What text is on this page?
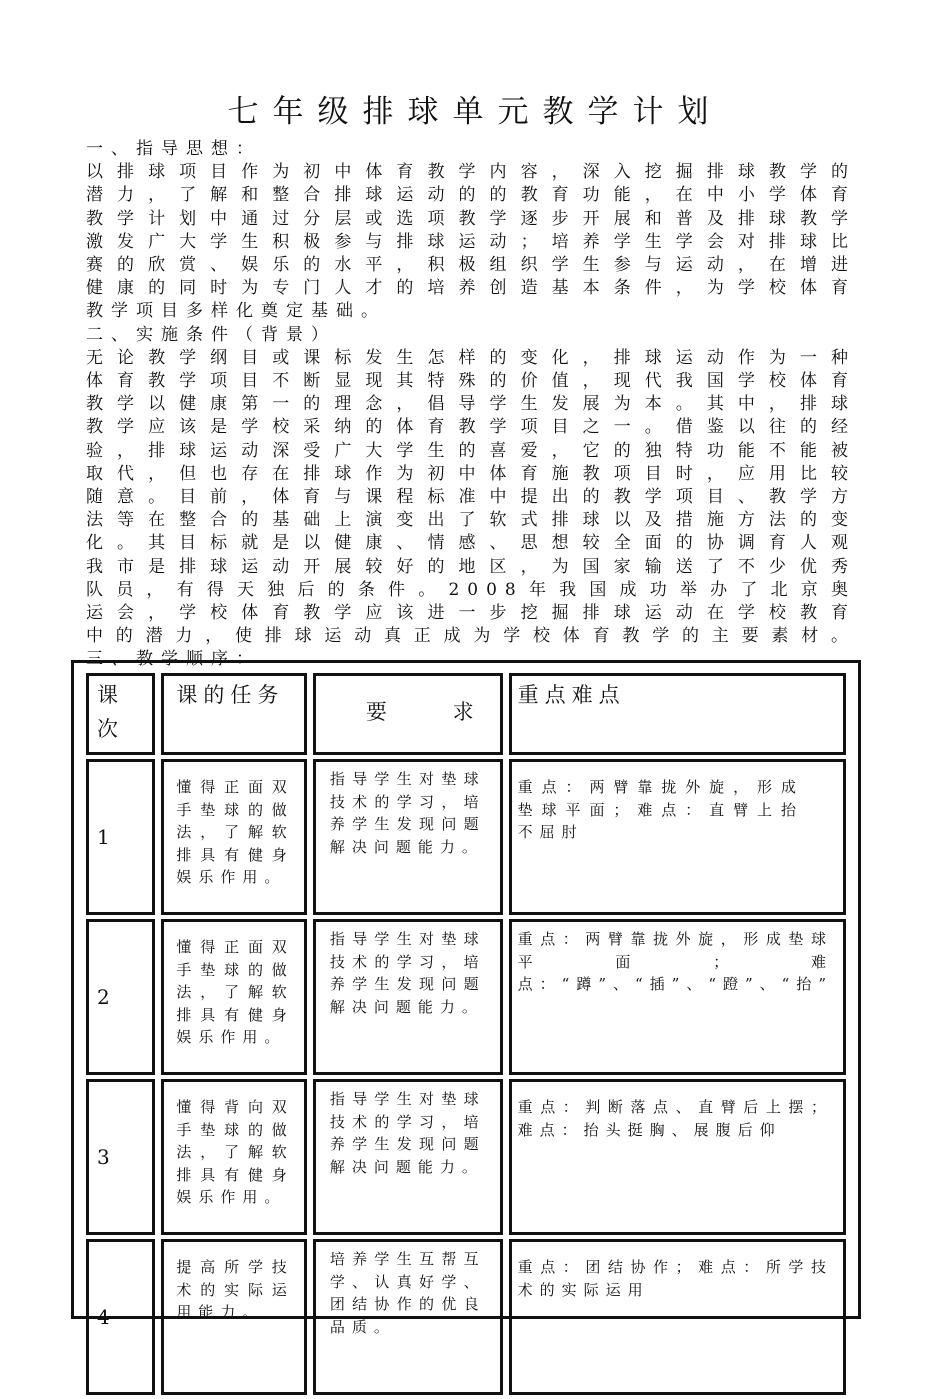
七年级排球单元教学计划
一、指导思想：
以排球项目作为初中体育教学内容，深入挖掘排球教学的
潜力，了解和整合排球运动的的教育功能，在中小学体育
教学计划中通过分层或选项教学逐步开展和普及排球教学
激发广大学生积极参与排球运动；培养学生学会对排球比
赛的欣赏、娱乐的水平，积极组织学生参与运动，在增进
健康的同时为专门人才的培养创造基本条件，为学校体育
教学项目多样化奠定基础。
二、实施条件（背景）
无论教学纲目或课标发生怎样的变化，排球运动作为一种
体育教学项目不断显现其特殊的价值，现代我国学校体育
教学以健康第一的理念，倡导学生发展为本。其中，排球
教学应该是学校采纳的体育教学项目之一。借鉴以往的经
验，排球运动深受广大学生的喜爱，它的独特功能不能被
取代，但也存在排球作为初中体育施教项目时，应用比较
随意。目前，体育与课程标准中提出的教学项目、教学方
法等在整合的基础上演变出了软式排球以及措施方法的变
化。其目标就是以健康、情感、思想较全面的协调育人观
我市是排球运动开展较好的地区，为国家输送了不少优秀
队员，有得天独后的条件。2008年我国成功举办了北京奥
运会，学校体育教学应该进一步挖掘排球运动在学校教育
中的潜力，使排球运动真正成为学校体育教学的主要素材。
三、教学顺序：
课次	课的任务	要求	重点难点
1	懂得正面双手垫球的做法，了解软排具有健身娱乐作用。	指导学生对垫球技术的学习，培养学生发现问题解决问题能力。	重点：两臂靠拢外旋，形成垫球平面；难点：直臂上抬不屈肘
2	懂得正面双手垫球的做法，了解软排具有健身娱乐作用。	指导学生对垫球技术的学习，培养学生发现问题解决问题能力。	重点：两臂靠拢外旋，形成垫球平面；难点：“蹲”、“插”、“蹬”、“抬”
3	懂得背向双手垫球的做法，了解软排具有健身娱乐作用。	指导学生对垫球技术的学习，培养学生发现问题解决问题能力。	重点：判断落点、直臂后上摆；难点：抬头挺胸、展腹后仰
4	提高所学技术的实际运用能力。	培养学生互帮互学、认真好学、团结协作的优良品质。	重点：团结协作；难点：所学技术的实际运用
